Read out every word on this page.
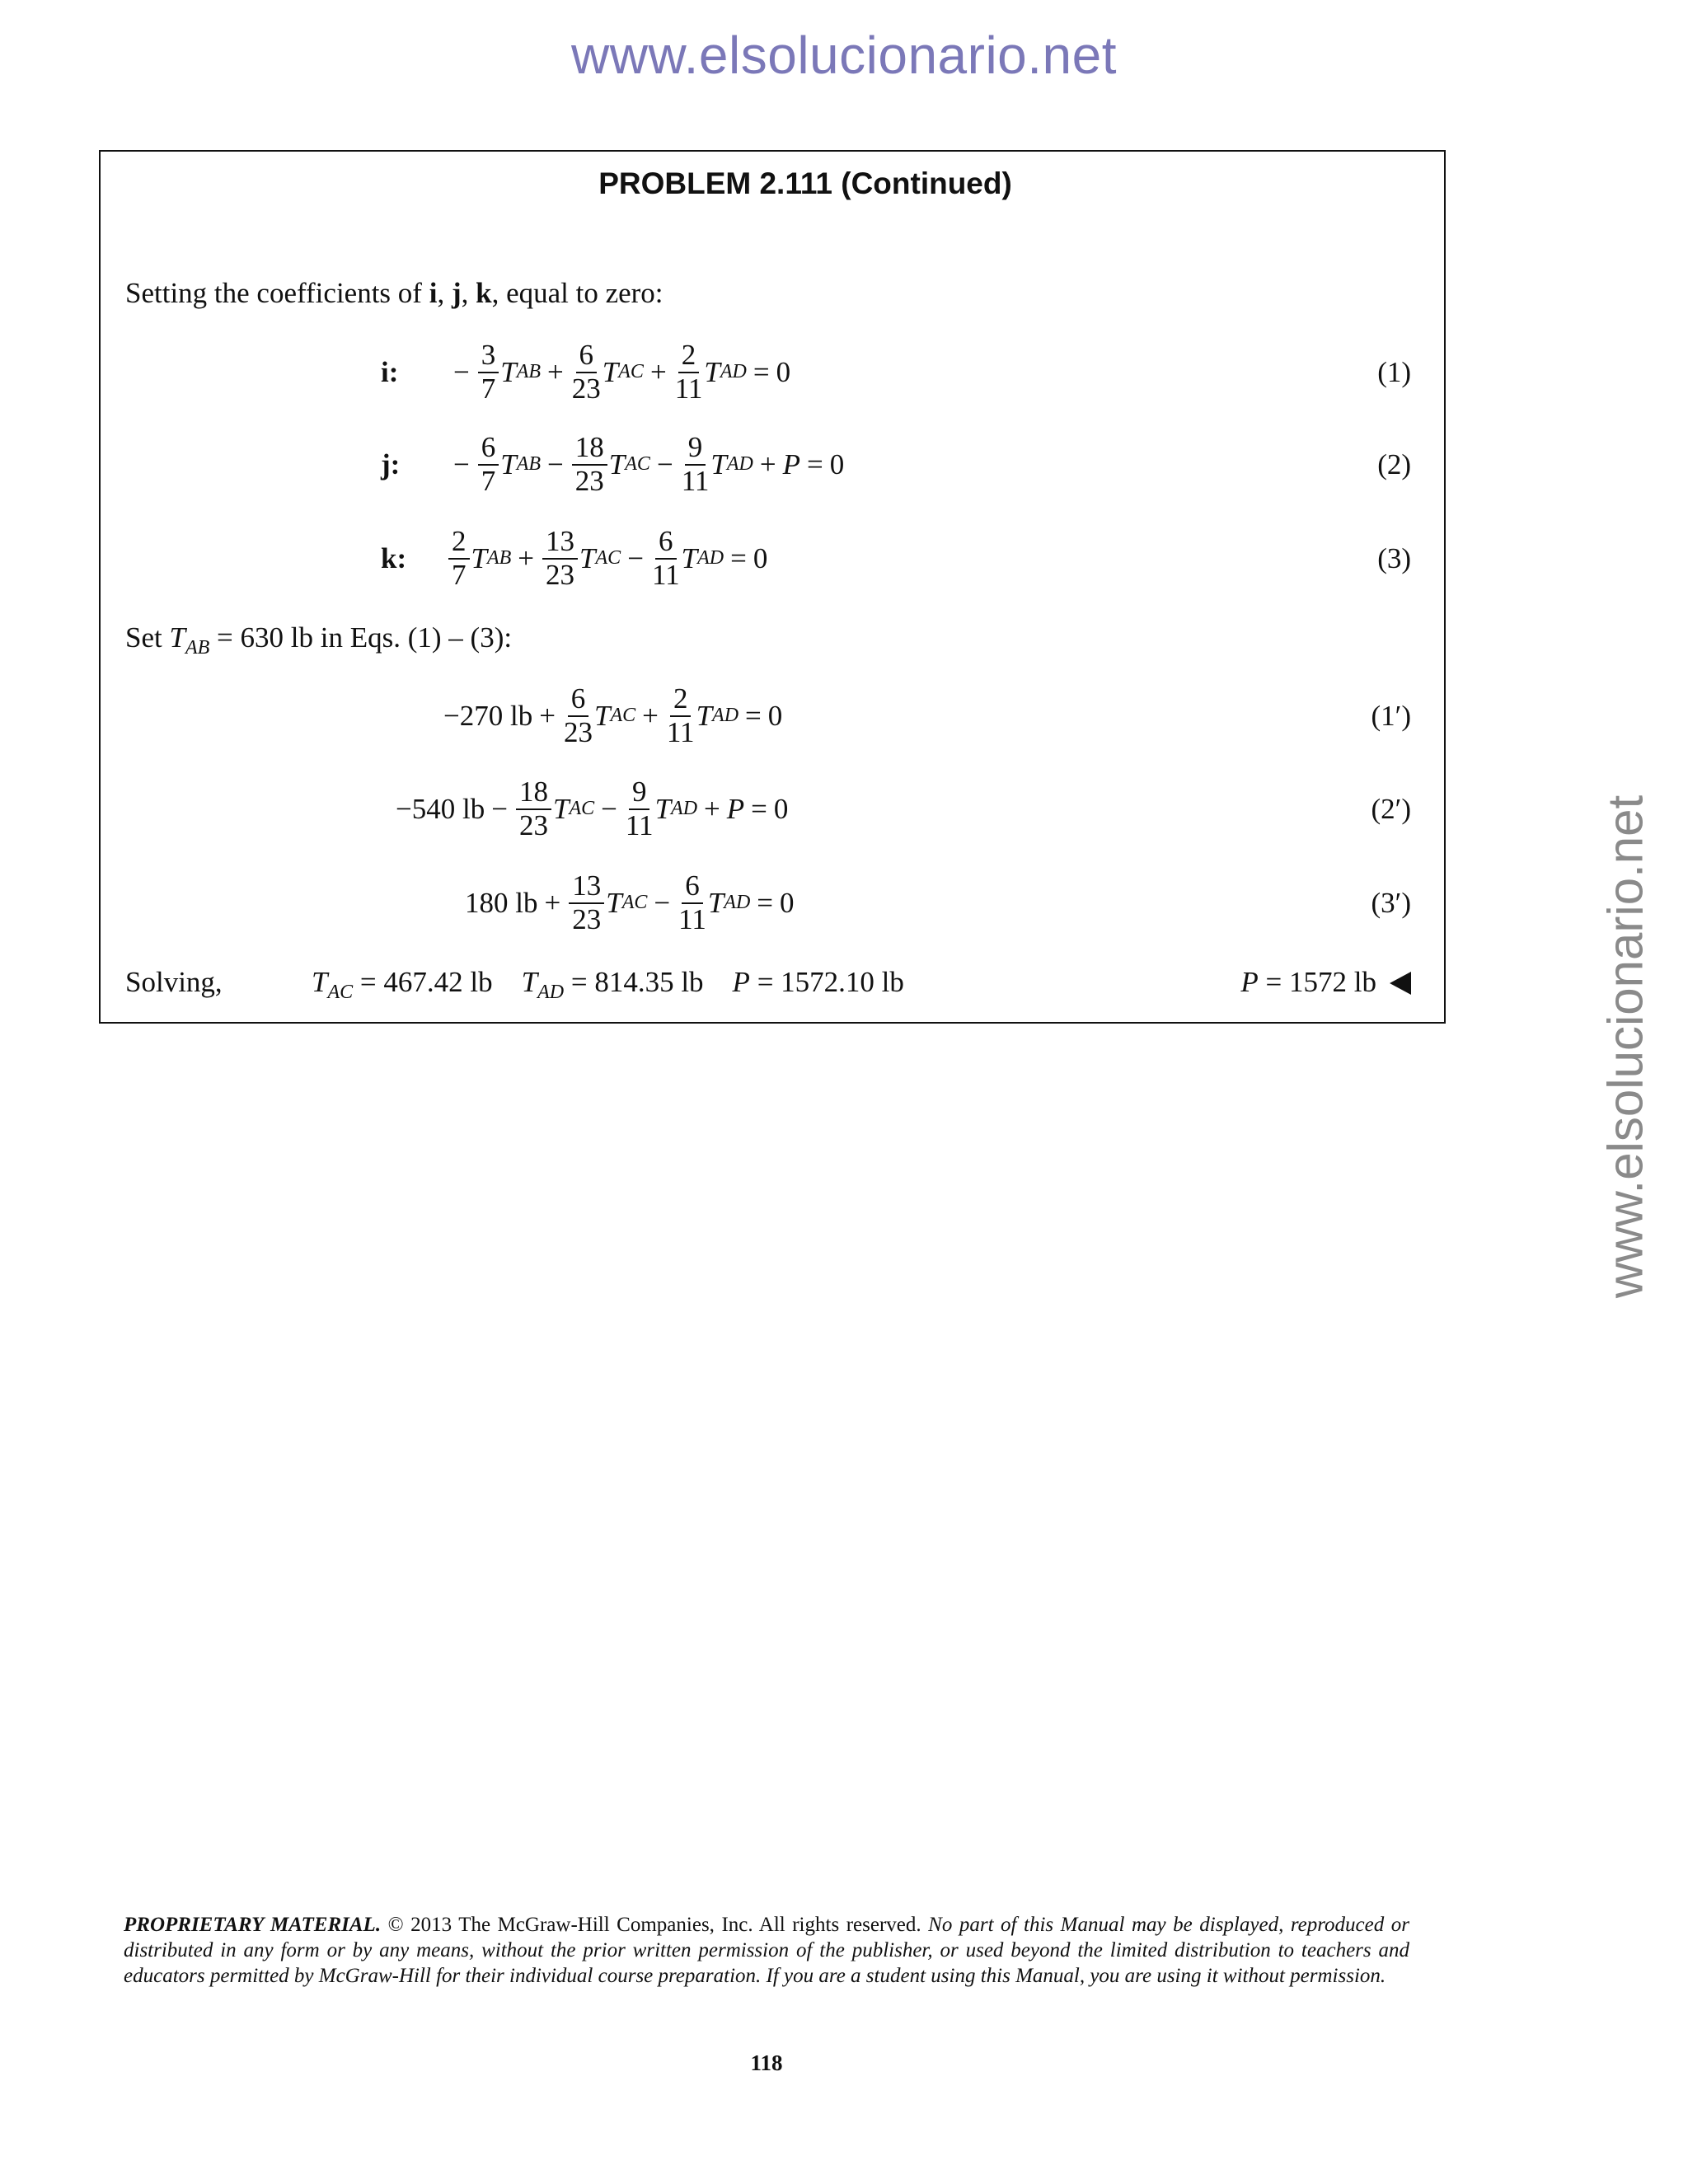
www.elsolucionario.net
www.elsolucionario.net
PROBLEM 2.111 (Continued)
Setting the coefficients of i, j, k, equal to zero:
i:	− $\frac{3}{7}$ T AB + $\frac{6}{23}$ T AC + $\frac{2}{11}$ T AD = 0	(1)
j:	− $\frac{6}{7}$ T AB − $\frac{18}{23}$ T AC − $\frac{9}{11}$ T AD + P = 0	(2)
k:	$\frac{2}{7}$ T AB + $\frac{13}{23}$ T AC − $\frac{6}{11}$ T AD = 0	(3)
Set $T_{AB} = 630$ lb in Eqs. (1) – (3):
−270 lb + $\frac{6}{23}$ T AC + $\frac{2}{11}$ T AD = 0	(1′)
−540 lb − $\frac{18}{23}$ T AC − $\frac{9}{11}$ T AD + P = 0	(2′)
180 lb + $\frac{13}{23}$ T AC − $\frac{6}{11}$ T AD = 0	(3′)
Solving,	$T_{AC} = 467.42$ lb $T_{AD} = 814.35$ lb P = 1572.10 lb	P = 1572 lb
PROPRIETARY MATERIAL. © 2013 The McGraw-Hill Companies, Inc. All rights reserved. No part of this Manual may be displayed, reproduced or distributed in any form or by any means, without the prior written permission of the publisher, or used beyond the limited distribution to teachers and educators permitted by McGraw-Hill for their individual course preparation. If you are a student using this Manual, you are using it without permission.
118
